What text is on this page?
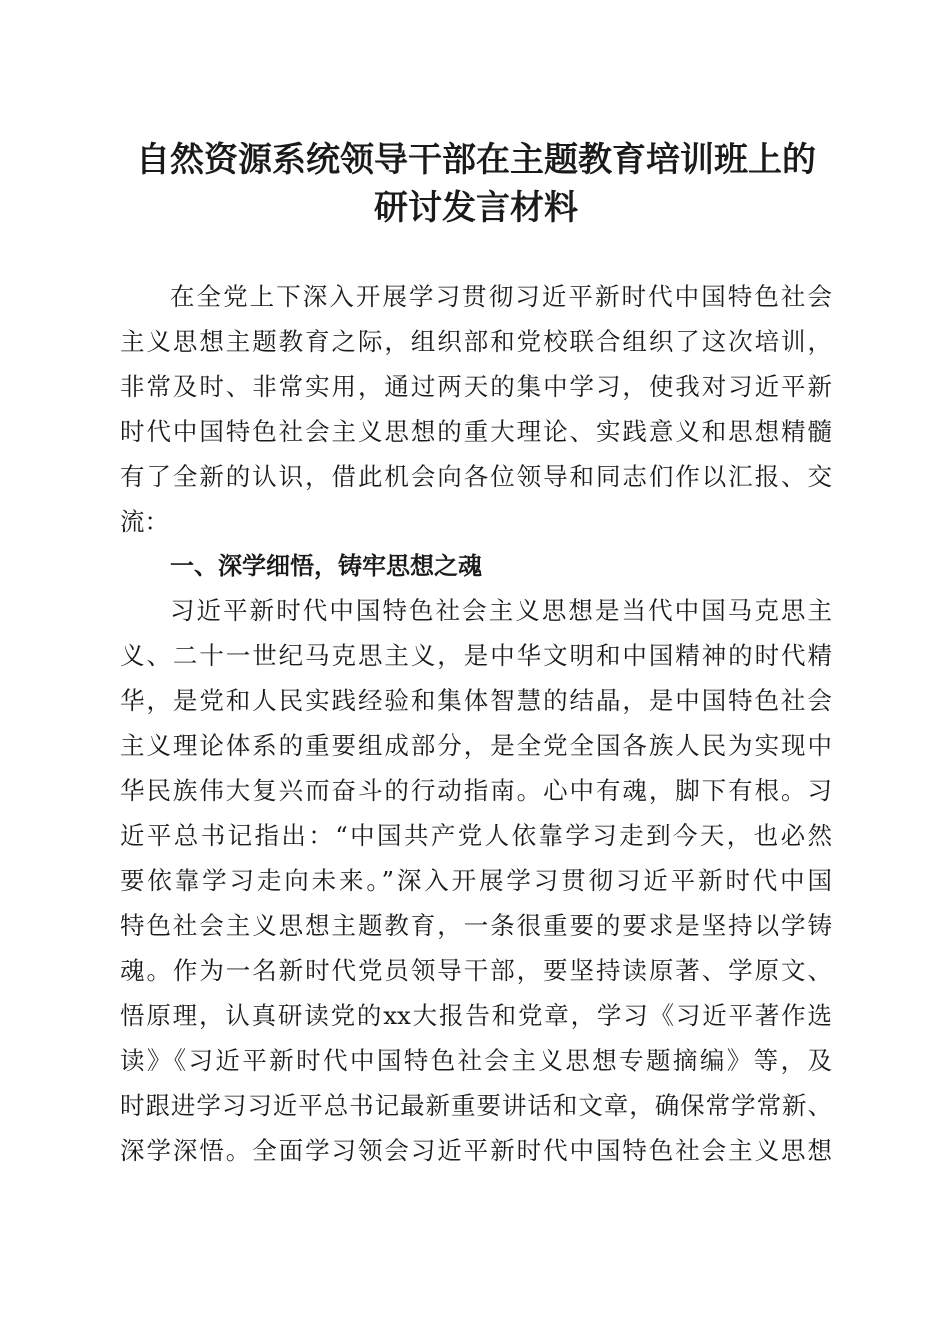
自然资源系统领导干部在主题教育培训班上的
研讨发言材料
在全党上下深入开展学习贯彻习近平新时代中国特色社会
主义思想主题教育之际，组织部和党校联合组织了这次培训，
非常及时、非常实用，通过两天的集中学习，使我对习近平新
时代中国特色社会主义思想的重大理论、实践意义和思想精髓
有了全新的认识，借此机会向各位领导和同志们作以汇报、交
流：
一、深学细悟，铸牢思想之魂
习近平新时代中国特色社会主义思想是当代中国马克思主
义、二十一世纪马克思主义，是中华文明和中国精神的时代精
华，是党和人民实践经验和集体智慧的结晶，是中国特色社会
主义理论体系的重要组成部分，是全党全国各族人民为实现中
华民族伟大复兴而奋斗的行动指南。心中有魂，脚下有根。习
近平总书记指出：“中国共产党人依靠学习走到今天，也必然
要依靠学习走向未来。”深入开展学习贯彻习近平新时代中国
特色社会主义思想主题教育，一条很重要的要求是坚持以学铸
魂。作为一名新时代党员领导干部，要坚持读原著、学原文、
悟原理，认真研读党的xx大报告和党章，学习《习近平著作选
读》《习近平新时代中国特色社会主义思想专题摘编》等，及
时跟进学习习近平总书记最新重要讲话和文章，确保常学常新、
深学深悟。全面学习领会习近平新时代中国特色社会主义思想
